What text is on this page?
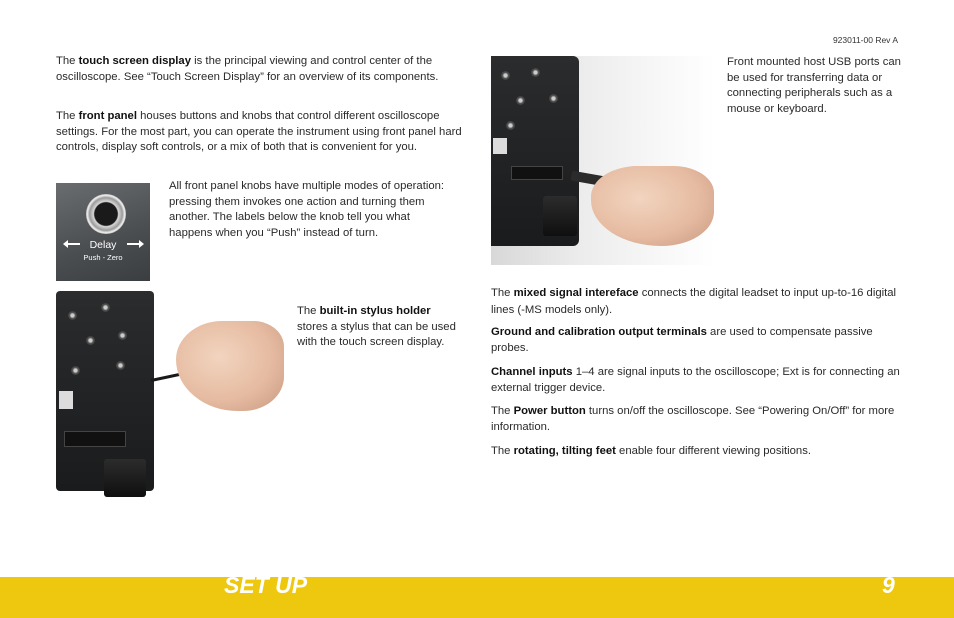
923011-00 Rev A

The touch screen display is the principal viewing and control center of the oscilloscope. See “Touch Screen Display” for an overview of its components.

The front panel houses buttons and knobs that control different oscilloscope settings. For the most part, you can operate the instrument using front panel hard controls, display soft controls, or a mix of both that is convenient for you.

Delay
Push - Zero

All front panel knobs have multiple modes of operation: pressing them invokes one action and turning them another. The labels below the knob tell you what happens when you “Push” instead of turn.

The built-in stylus holder stores a stylus that can be used with the touch screen display.

Front mounted host USB ports can be used for transferring data or connecting peripherals such as a mouse or keyboard.

The mixed signal intereface connects the digital leadset to input up-to-16 digital lines (-MS models only).

Ground and calibration output terminals are used to compensate passive probes.

Channel inputs 1–4 are signal inputs to the oscilloscope; Ext is for connecting an external trigger device.

The Power button turns on/off the oscilloscope. See “Powering On/Off” for more information.

The rotating, tilting feet enable four different viewing positions.

SET UP	9
